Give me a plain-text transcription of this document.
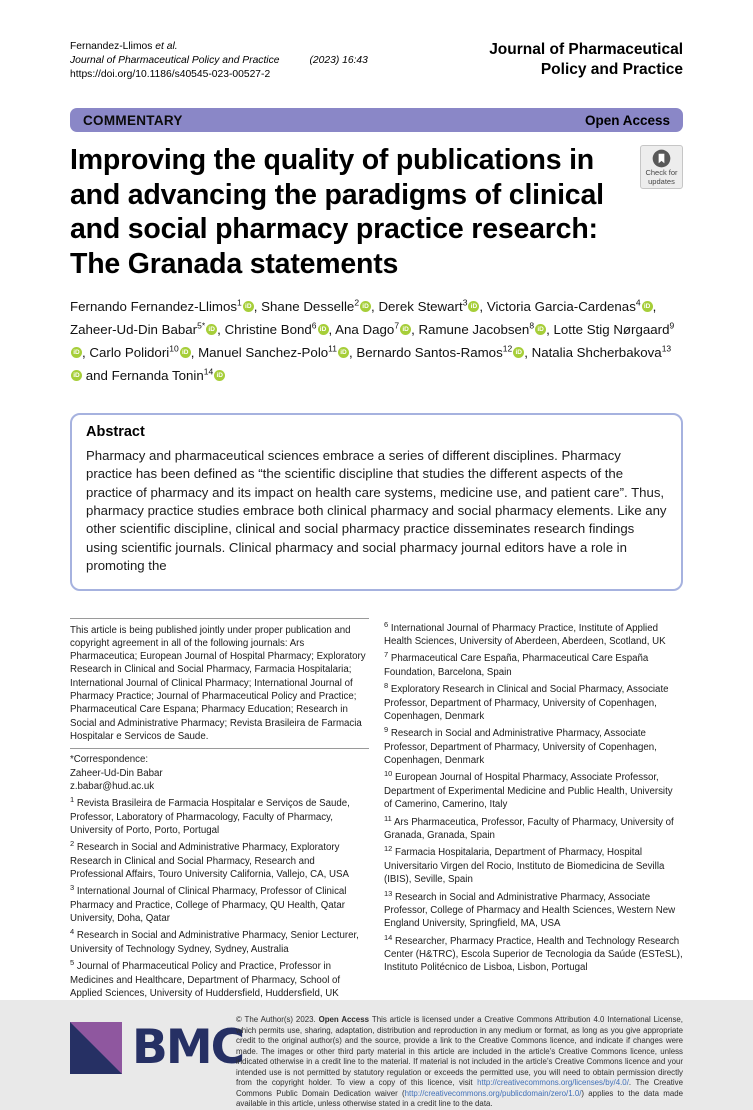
Fernandez-Llimos et al.
Journal of Pharmaceutical Policy and Practice	(2023) 16:43
https://doi.org/10.1186/s40545-023-00527-2
Journal of Pharmaceutical
Policy and Practice
COMMENTARY	Open Access
Improving the quality of publications in and advancing the paradigms of clinical and social pharmacy practice research: The Granada statements
Check for
updates

Fernando Fernandez-Llimos$^1$ iD , Shane Desselle$^2$ iD , Derek Stewart$^3$ iD , Victoria Garcia-Cardenas$^4$ iD , Zaheer-Ud-Din Babar$^{5*}$ iD , Christine Bond$^6$ iD , Ana Dago$^7$ iD , Ramune Jacobsen$^8$ iD , Lotte Stig Nørgaard$^9$iD , Carlo Polidori$^{10}$ iD , Manuel Sanchez-Polo$^{11}$ iD , Bernardo Santos-Ramos$^{12}$ iD , Natalia Shcherbakova$^{13}$iD and Fernanda Tonin$^{14}$ iD

Abstract

Pharmacy and pharmaceutical sciences embrace a series of different disciplines. Pharmacy practice has been defined as “the scientific discipline that studies the different aspects of the practice of pharmacy and its impact on health care systems, medicine use, and patient care”. Thus, pharmacy practice studies embrace both clinical pharmacy and social pharmacy elements. Like any other scientific discipline, clinical and social pharmacy practice disseminates research findings using scientific journals. Clinical pharmacy and social pharmacy journal editors have a role in promoting the

This article is being published jointly under proper publication and copyright agreement in all of the following journals: Ars Pharmaceutica; European Journal of Hospital Pharmacy; Exploratory Research in Clinical and Social Pharmacy, Farmacia Hospitalaria; International Journal of Clinical Pharmacy; International Journal of Pharmacy Practice; Journal of Pharmaceutical Policy and Practice; Pharmaceutical Care Espana; Pharmacy Education; Research in Social and Administrative Pharmacy; Revista Brasileira de Farmacia Hospitalar e Servicos de Saude.

*Correspondence:
Zaheer-Ud-Din Babar
z.babar@hud.ac.uk

$^1$ Revista Brasileira de Farmacia Hospitalar e Serviços de Saude, Professor, Laboratory of Pharmacology, Faculty of Pharmacy, University of Porto, Porto, Portugal

$^2$ Research in Social and Administrative Pharmacy, Exploratory Research in Clinical and Social Pharmacy, Research and Professional Affairs, Touro University California, Vallejo, CA, USA

$^3$ International Journal of Clinical Pharmacy, Professor of Clinical Pharmacy and Practice, College of Pharmacy, QU Health, Qatar University, Doha, Qatar

$^4$ Research in Social and Administrative Pharmacy, Senior Lecturer, University of Technology Sydney, Sydney, Australia

$^5$ Journal of Pharmaceutical Policy and Practice, Professor in Medicines and Healthcare, Department of Pharmacy, School of Applied Sciences, University of Huddersfield, Huddersfield, UK

$^6$ International Journal of Pharmacy Practice, Institute of Applied Health Sciences, University of Aberdeen, Aberdeen, Scotland, UK

$^7$ Pharmaceutical Care España, Pharmaceutical Care España Foundation, Barcelona, Spain

$^8$ Exploratory Research in Clinical and Social Pharmacy, Associate Professor, Department of Pharmacy, University of Copenhagen, Copenhagen, Denmark

$^9$ Research in Social and Administrative Pharmacy, Associate Professor, Department of Pharmacy, University of Copenhagen, Copenhagen, Denmark

$^{10}$ European Journal of Hospital Pharmacy, Associate Professor, Department of Experimental Medicine and Public Health, University of Camerino, Camerino, Italy

$^{11}$ Ars Pharmaceutica, Professor, Faculty of Pharmacy, University of Granada, Granada, Spain

$^{12}$ Farmacia Hospitalaria, Department of Pharmacy, Hospital Universitario Virgen del Rocio, Instituto de Biomedicina de Sevilla (IBIS), Seville, Spain

$^{13}$ Research in Social and Administrative Pharmacy, Associate Professor, College of Pharmacy and Health Sciences, Western New England University, Springfield, MA, USA

$^{14}$ Researcher, Pharmacy Practice, Health and Technology Research Center (H&TRC), Escola Superior de Tecnologia da Saúde (ESTeSL), Instituto Politécnico de Lisboa, Lisbon, Portugal

BMC

© The Author(s) 2023. Open Access This article is licensed under a Creative Commons Attribution 4.0 International License, which permits use, sharing, adaptation, distribution and reproduction in any medium or format, as long as you give appropriate credit to the original author(s) and the source, provide a link to the Creative Commons licence, and indicate if changes were made. The images or other third party material in this article are included in the article’s Creative Commons licence, unless indicated otherwise in a credit line to the material. If material is not included in the article’s Creative Commons licence and your intended use is not permitted by statutory regulation or exceeds the permitted use, you will need to obtain permission directly from the copyright holder. To view a copy of this licence, visit http://creativecommons.org/licenses/by/4.0/. The Creative Commons Public Domain Dedication waiver (http://creativecommons.org/publicdomain/zero/1.0/) applies to the data made available in this article, unless otherwise stated in a credit line to the data.
